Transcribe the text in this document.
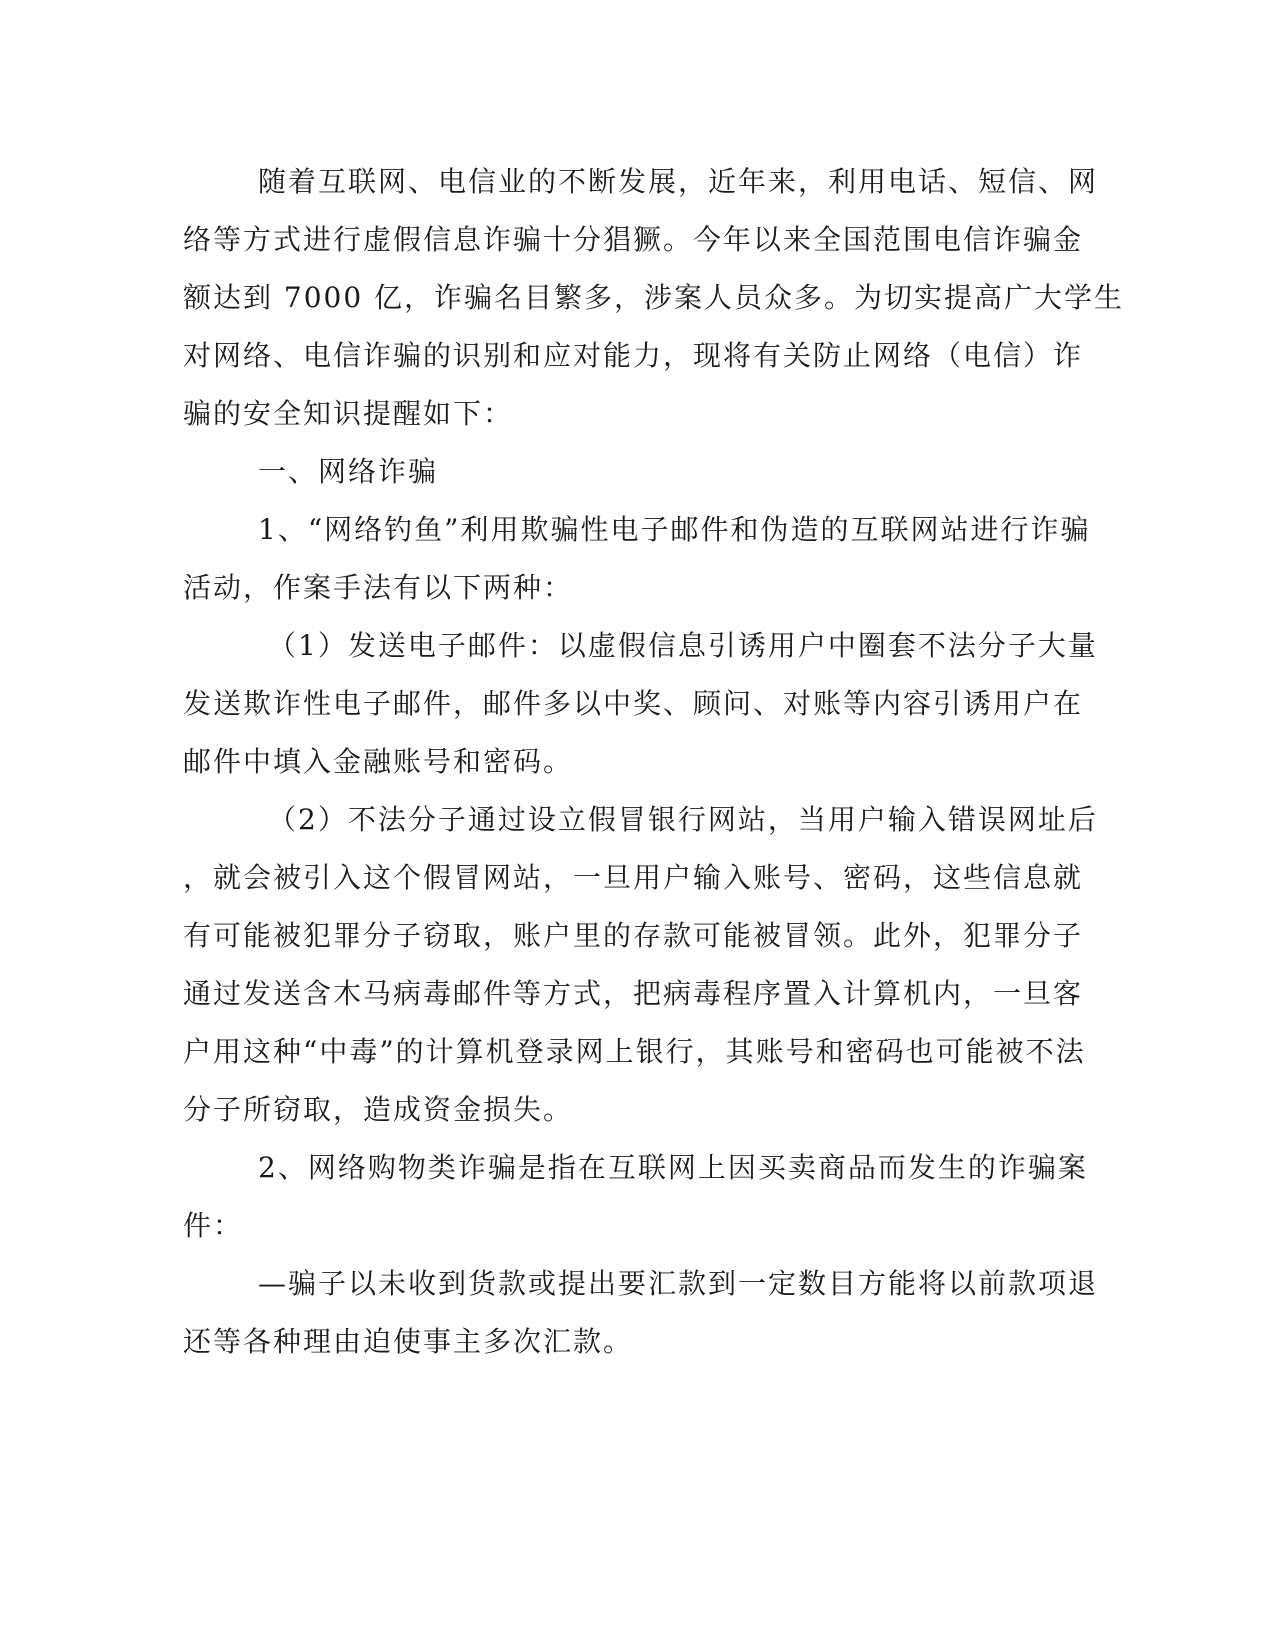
随着互联网、电信业的不断发展，近年来，利用电话、短信、网
络等方式进行虚假信息诈骗十分猖獗。今年以来全国范围电信诈骗金
额达到 7000 亿，诈骗名目繁多，涉案人员众多。为切实提高广大学生
对网络、电信诈骗的识别和应对能力，现将有关防止网络（电信）诈
骗的安全知识提醒如下：
一、网络诈骗
1、“网络钓鱼”利用欺骗性电子邮件和伪造的互联网站进行诈骗
活动，作案手法有以下两种：
（1）发送电子邮件：以虚假信息引诱用户中圈套不法分子大量
发送欺诈性电子邮件，邮件多以中奖、顾问、对账等内容引诱用户在
邮件中填入金融账号和密码。
（2）不法分子通过设立假冒银行网站，当用户输入错误网址后
，就会被引入这个假冒网站，一旦用户输入账号、密码，这些信息就
有可能被犯罪分子窃取，账户里的存款可能被冒领。此外，犯罪分子
通过发送含木马病毒邮件等方式，把病毒程序置入计算机内，一旦客
户用这种“中毒”的计算机登录网上银行，其账号和密码也可能被不法
分子所窃取，造成资金损失。
2、网络购物类诈骗是指在互联网上因买卖商品而发生的诈骗案
件：
—骗子以未收到货款或提出要汇款到一定数目方能将以前款项退
还等各种理由迫使事主多次汇款。
